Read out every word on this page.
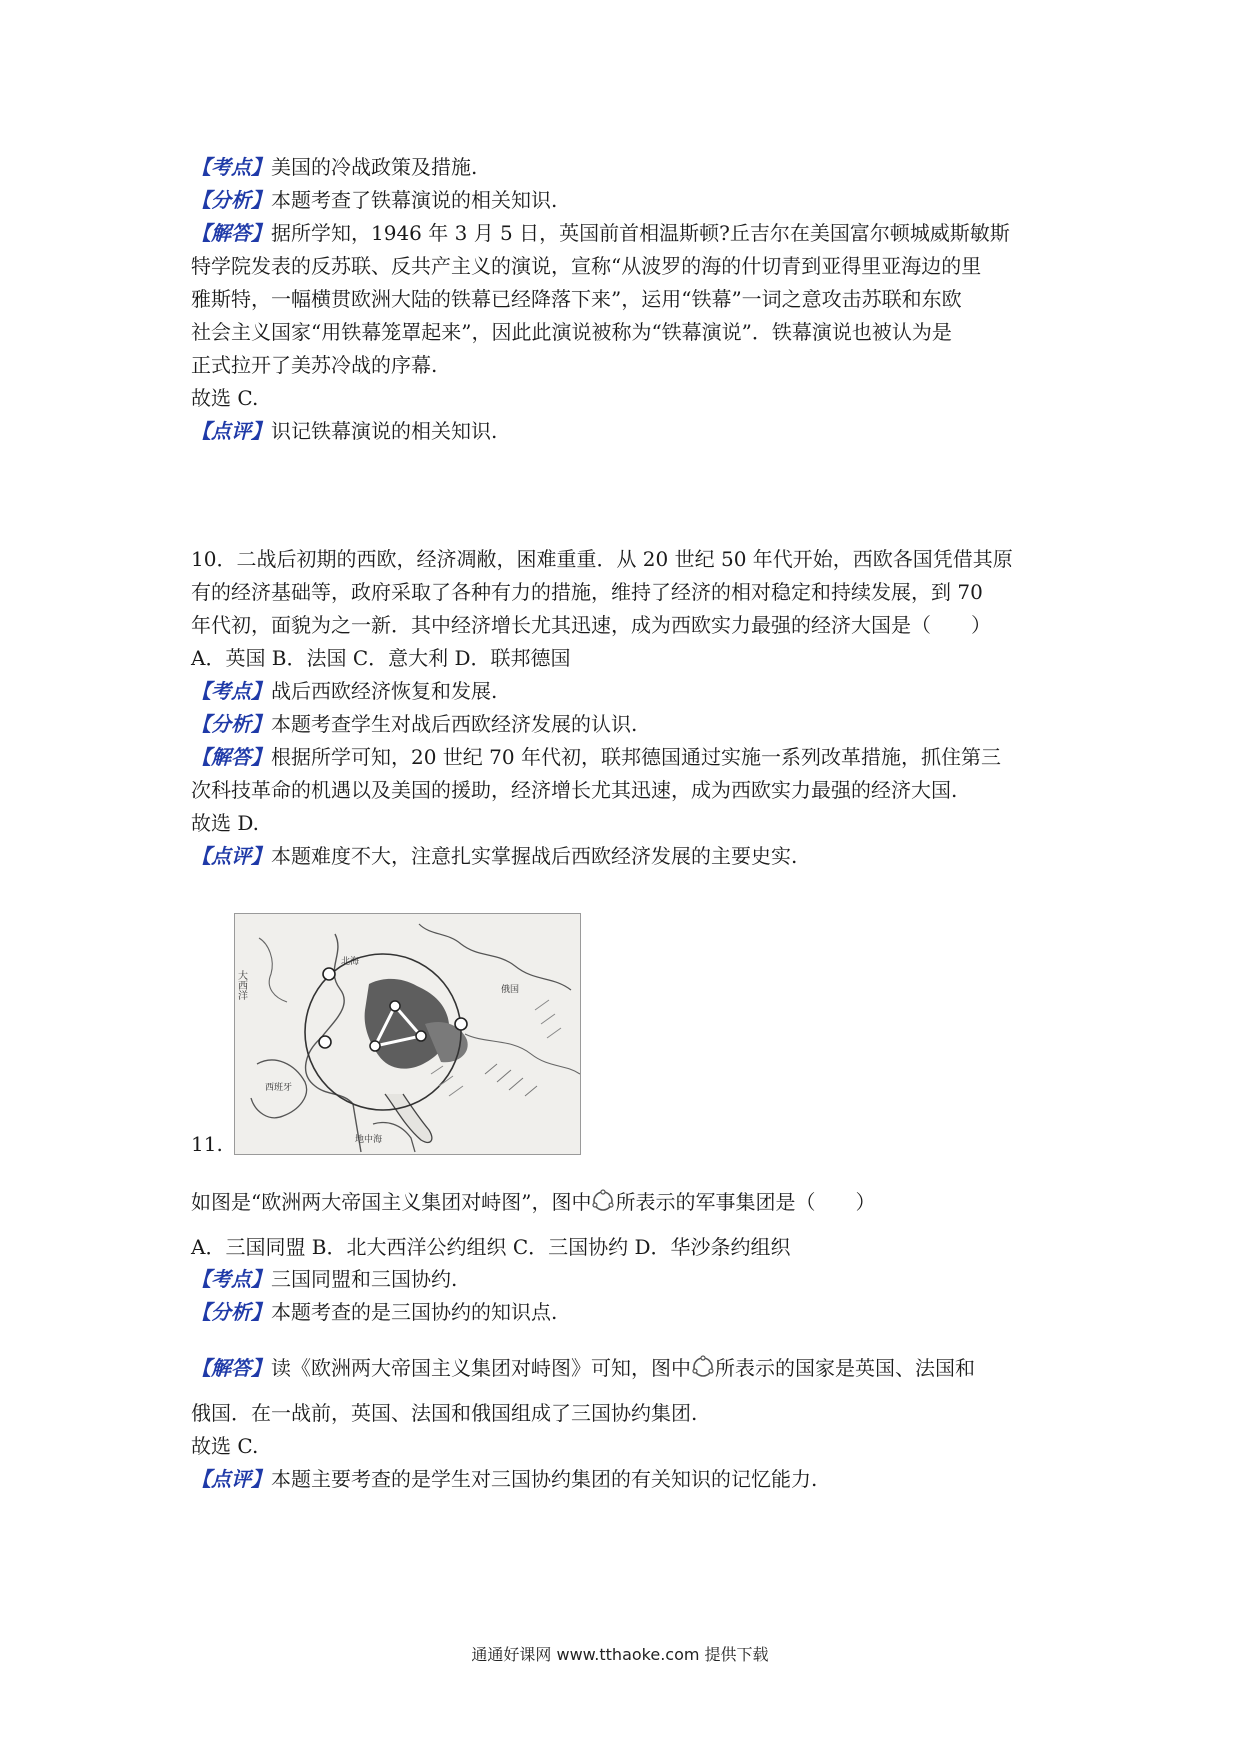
【考点】美国的冷战政策及措施.
【分析】本题考查了铁幕演说的相关知识.
【解答】据所学知，1946 年 3 月 5 日，英国前首相温斯顿?丘吉尔在美国富尔顿城威斯敏斯
特学院发表的反苏联、反共产主义的演说，宣称“从波罗的海的什切青到亚得里亚海边的里
雅斯特，一幅横贯欧洲大陆的铁幕已经降落下来”，运用“铁幕”一词之意攻击苏联和东欧
社会主义国家“用铁幕笼罩起来”，因此此演说被称为“铁幕演说”．铁幕演说也被认为是
正式拉开了美苏冷战的序幕.
故选 C.
【点评】识记铁幕演说的相关知识.
10．二战后初期的西欧，经济凋敝，困难重重．从 20 世纪 50 年代开始，西欧各国凭借其原
有的经济基础等，政府采取了各种有力的措施，维持了经济的相对稳定和持续发展，到 70
年代初，面貌为之一新．其中经济增长尤其迅速，成为西欧实力最强的经济大国是（　　）
A．英国 B．法国 C．意大利 D．联邦德国
【考点】战后西欧经济恢复和发展.
【分析】本题考查学生对战后西欧经济发展的认识.
【解答】根据所学可知，20 世纪 70 年代初，联邦德国通过实施一系列改革措施，抓住第三
次科技革命的机遇以及美国的援助，经济增长尤其迅速，成为西欧实力最强的经济大国.
故选 D.
【点评】本题难度不大，注意扎实掌握战后西欧经济发展的主要史实.
大西洋
北海
俄国
地中海
西班牙
11.
如图是“欧洲两大帝国主义集团对峙图”，图中 所表示的军事集团是（　　）
A．三国同盟 B．北大西洋公约组织 C．三国协约 D．华沙条约组织
【考点】三国同盟和三国协约.
【分析】本题考查的是三国协约的知识点.
【解答】读《欧洲两大帝国主义集团对峙图》可知，图中 所表示的国家是英国、法国和
俄国．在一战前，英国、法国和俄国组成了三国协约集团.
故选 C.
【点评】本题主要考查的是学生对三国协约集团的有关知识的记忆能力.
通通好课网 www.tthaoke.com 提供下载
